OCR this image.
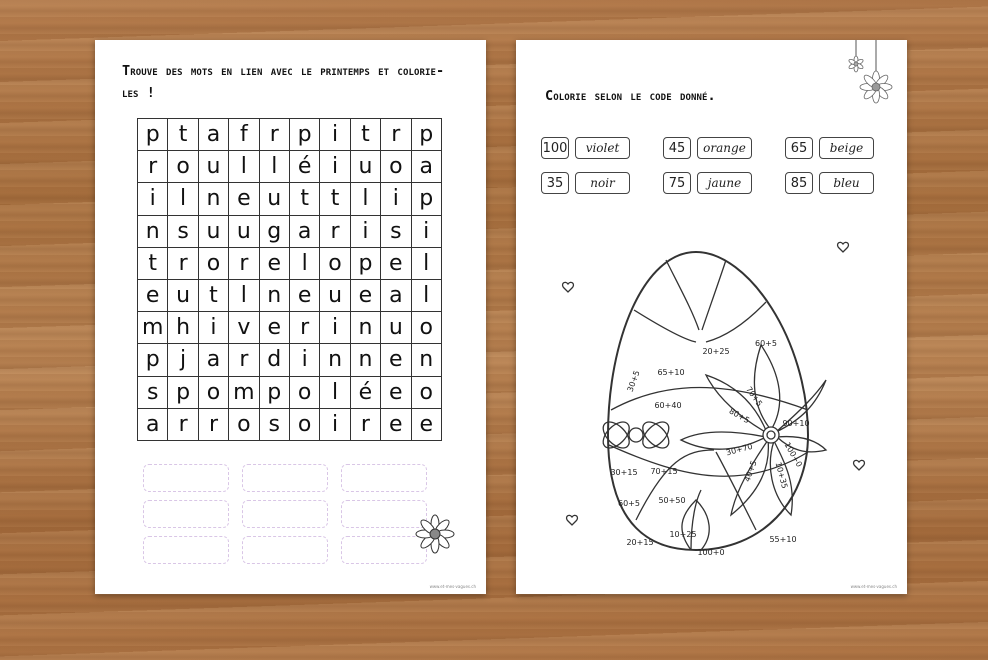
Trouve des mots en lien avec le printemps et colorie-les !
p	t	a	f	r	p	i	t	r	p
r	o	u	l	l	é	i	u	o	a
i	l	n	e	u	t	t	l	i	p
n	s	u	u	g	a	r	i	s	i
t	r	o	r	e	l	o	p	e	l
e	u	t	l	n	e	u	e	a	l
m	h	i	v	e	r	i	n	u	o
p	j	a	r	d	i	n	n	e	n
s	p	o	m	p	o	l	é	e	o
a	r	r	o	s	o	i	r	e	e
www.et-mes-vagues.ch
Colorie selon le code donné.
100	violet	45	orange	65	beige
35	noir	75	jaune	85	bleu
60+5
20+25
65+10
30+5
70+5
60+40
80+5	90+10
30+70	100+0
10+35
40+5
30+15 70+15
60+5 50+50
10+25
20+15	55+10
100+0
www.et-mes-vagues.ch
